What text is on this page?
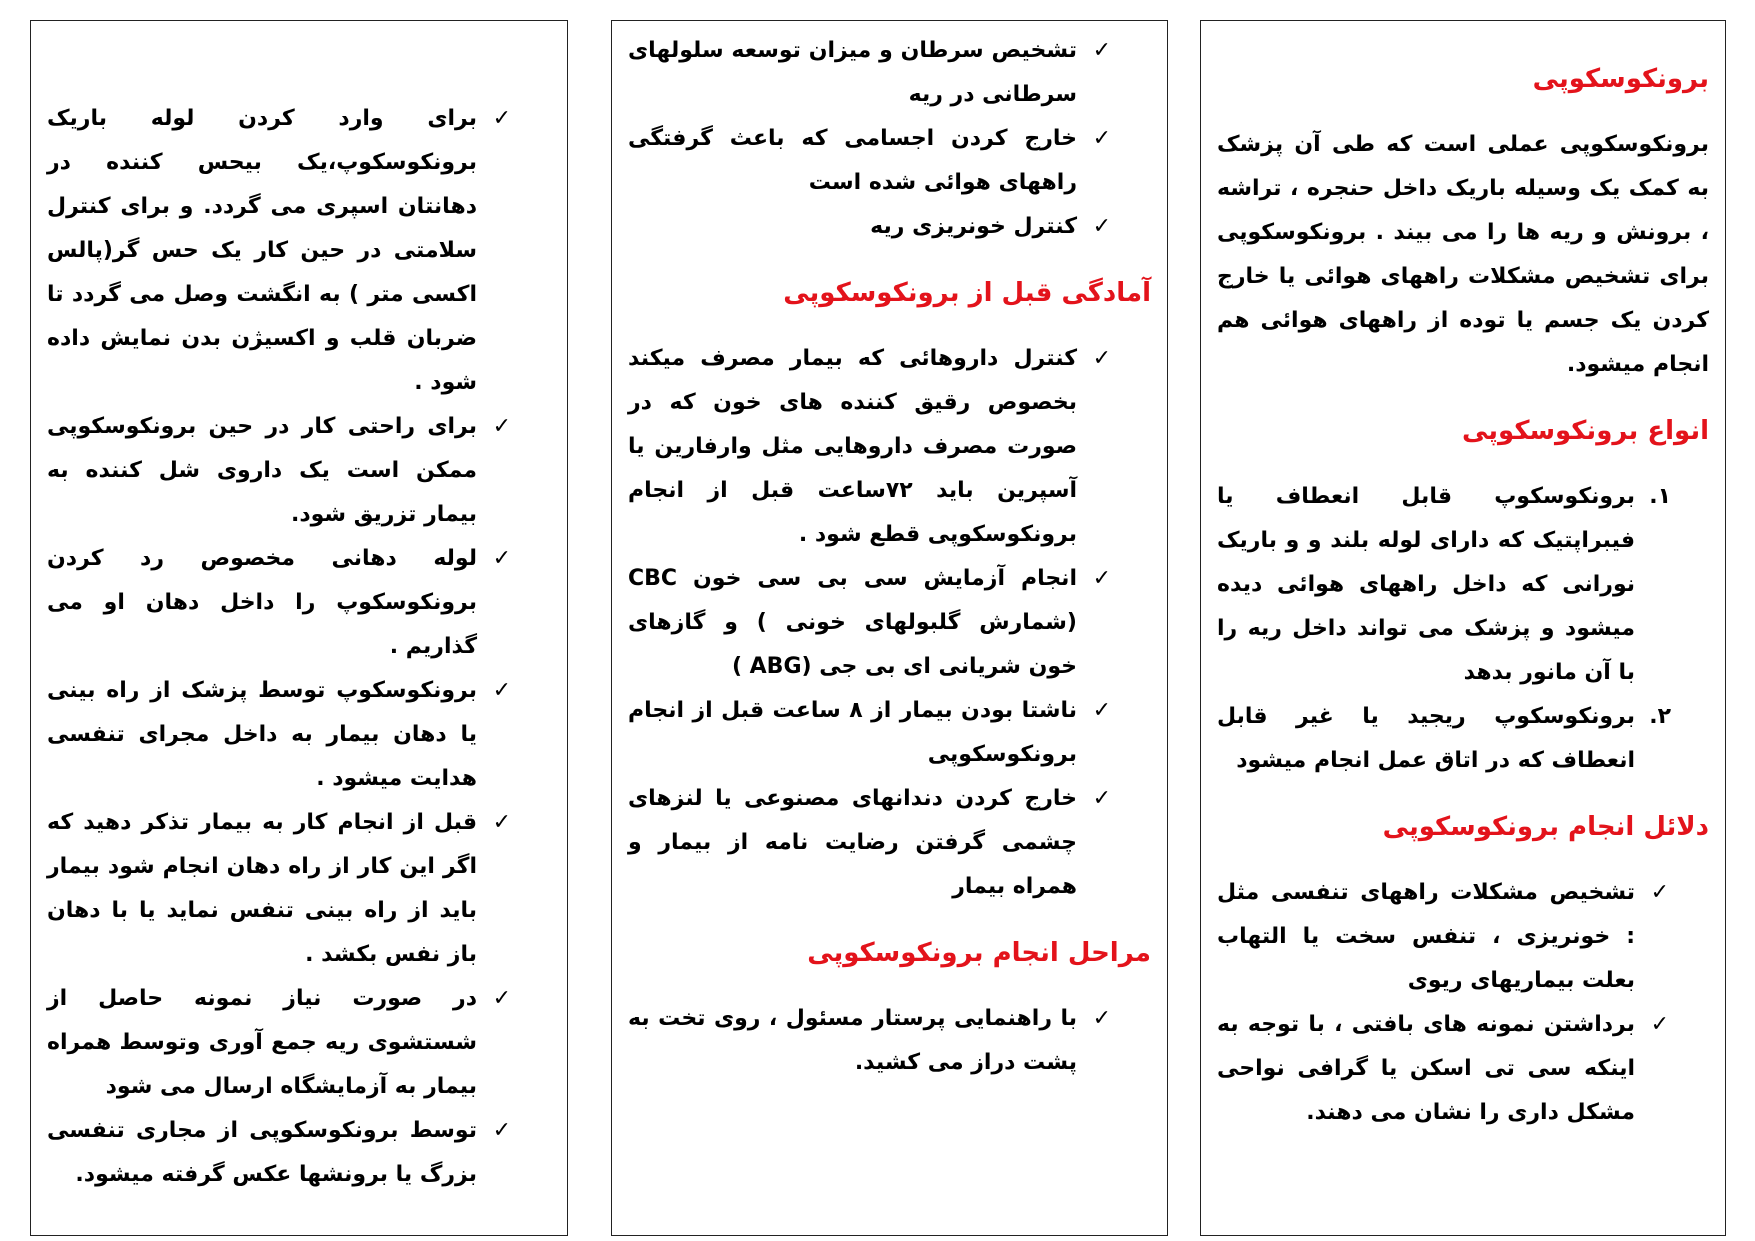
برونکوسکوپی

برونکوسکوپی عملی است که طی آن پزشک به کمک یک وسیله باریک داخل حنجره ، تراشه ، برونش و ریه ها را می بیند . برونکوسکوپی برای تشخیص مشکلات راههای هوائی یا خارج کردن یک جسم یا توده از راههای هوائی هم انجام میشود.

انواع برونکوسکوپی
۱.
برونکوسکوپ قابل انعطاف یا فیبراپتیک که دارای لوله بلند و و باریک نورانی که داخل راههای هوائی دیده میشود و پزشک می تواند داخل ریه را با آن مانور بدهد
۲.
برونکوسکوپ ریجید یا غیر قابل انعطاف که در اتاق عمل انجام میشود
دلائل انجام برونکوسکوپی
✓
تشخیص مشکلات راههای تنفسی مثل : خونریزی ، تنفس سخت یا التهاب بعلت بیماریهای ریوی
✓
برداشتن نمونه های بافتی ، با توجه به اینکه سی تی اسکن یا گرافی نواحی مشکل داری را نشان می دهند.
✓
تشخیص سرطان و میزان توسعه سلولهای سرطانی در ریه
✓
خارج کردن اجسامی که باعث گرفتگی راههای هوائی شده است
✓
کنترل خونریزی ریه
آمادگی قبل از برونکوسکوپی
✓
کنترل داروهائی که بیمار مصرف میکند بخصوص رقیق کننده های خون که در صورت مصرف داروهایی مثل وارفارین یا آسپرین باید ۷۲ساعت قبل از انجام برونکوسکوپی قطع شود .
✓
انجام آزمایش سی بی سی خون CBC (شمارش گلبولهای خونی ) و گازهای خون شریانی ای بی جی (ABG )
✓
ناشتا بودن بیمار از ۸ ساعت قبل از انجام برونکوسکوپی
✓
خارج کردن دندانهای مصنوعی یا لنزهای چشمی گرفتن رضایت نامه از بیمار و همراه بیمار
مراحل انجام برونکوسکوپی
✓
با راهنمایی پرستار مسئول ، روی تخت به پشت دراز می کشید.
✓
برای وارد کردن لوله باریک برونکوسکوپ،یک بیحس کننده در دهانتان اسپری می گردد. و برای کنترل سلامتی در حین کار یک حس گر(پالس اکسی متر ) به انگشت وصل می گردد تا ضربان قلب و اکسیژن بدن نمایش داده شود .
✓
برای راحتی کار در حین برونکوسکوپی ممکن است یک داروی شل کننده به بیمار تزریق شود.
✓
لوله دهانی مخصوص رد کردن برونکوسکوپ را داخل دهان او می گذاریم .
✓
برونکوسکوپ توسط پزشک از راه بینی یا دهان بیمار به داخل مجرای تنفسی هدایت میشود .
✓
قبل از انجام کار به بیمار تذکر دهید که اگر این کار از راه دهان انجام شود بیمار باید از راه بینی تنفس نماید یا با دهان باز نفس بکشد .
✓
در صورت نیاز نمونه حاصل از شستشوی ریه جمع آوری وتوسط همراه بیمار به آزمایشگاه ارسال می شود
✓
توسط برونکوسکوپی از مجاری تنفسی بزرگ یا برونشها عکس گرفته میشود.
